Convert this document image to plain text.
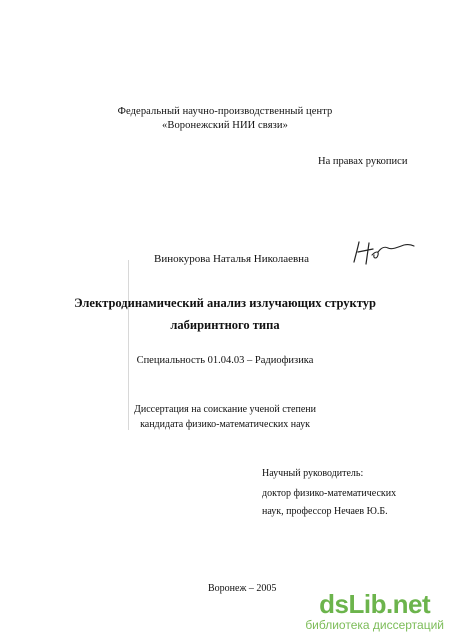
Федеральный научно-производственный центр
«Воронежский НИИ связи»
На правах рукописи
Винокурова Наталья Николаевна
Электродинамический анализ излучающих структур
лабиринтного типа
Специальность 01.04.03 – Радиофизика
Диссертация на соискание ученой степени
кандидата физико-математических наук
Научный руководитель:
доктор физико-математических
наук, профессор Нечаев Ю.Б.
Воронеж – 2005
dsLib.net
библиотека диссертаций
